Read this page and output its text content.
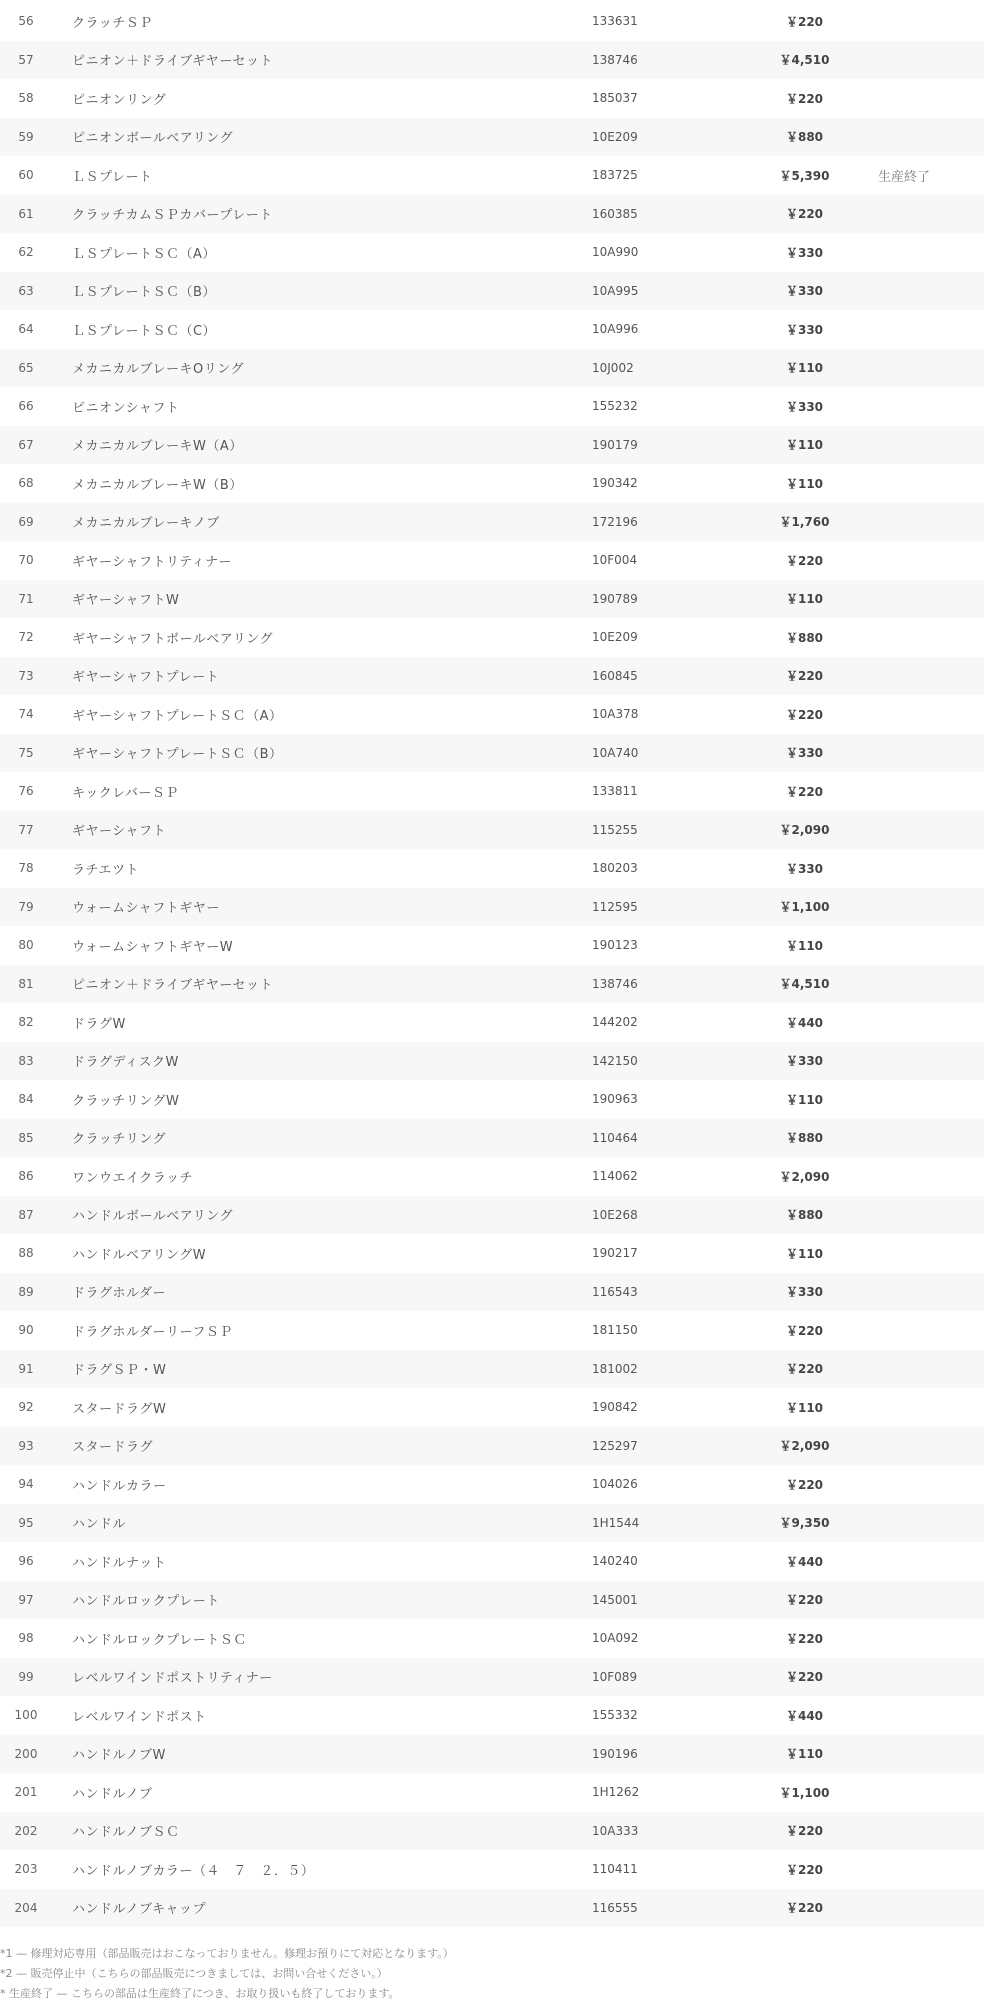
56	クラッチＳＰ	133631	￥220	
57	ピニオン＋ドライブギヤーセット	138746	￥4,510	
58	ピニオンリング	185037	￥220	
59	ピニオンボールベアリング	10E209	￥880	
60	ＬＳプレート	183725	￥5,390	生産終了
61	クラッチカムＳＰカバープレート	160385	￥220	
62	ＬＳプレートＳＣ（A）	10A990	￥330	
63	ＬＳプレートＳＣ（B）	10A995	￥330	
64	ＬＳプレートＳＣ（C）	10A996	￥330	
65	メカニカルブレーキOリング	10J002	￥110	
66	ピニオンシャフト	155232	￥330	
67	メカニカルブレーキW（A）	190179	￥110	
68	メカニカルブレーキW（B）	190342	￥110	
69	メカニカルブレーキノブ	172196	￥1,760	
70	ギヤーシャフトリティナー	10F004	￥220	
71	ギヤーシャフトW	190789	￥110	
72	ギヤーシャフトボールベアリング	10E209	￥880	
73	ギヤーシャフトプレート	160845	￥220	
74	ギヤーシャフトプレートＳＣ（A）	10A378	￥220	
75	ギヤーシャフトプレートＳＣ（B）	10A740	￥330	
76	キックレバーＳＰ	133811	￥220	
77	ギヤーシャフト	115255	￥2,090	
78	ラチエツト	180203	￥330	
79	ウォームシャフトギヤー	112595	￥1,100	
80	ウォームシャフトギヤーW	190123	￥110	
81	ピニオン＋ドライブギヤーセット	138746	￥4,510	
82	ドラグW	144202	￥440	
83	ドラグディスクW	142150	￥330	
84	クラッチリングW	190963	￥110	
85	クラッチリング	110464	￥880	
86	ワンウエイクラッチ	114062	￥2,090	
87	ハンドルボールベアリング	10E268	￥880	
88	ハンドルベアリングW	190217	￥110	
89	ドラグホルダー	116543	￥330	
90	ドラグホルダーリーフＳＰ	181150	￥220	
91	ドラグＳＰ・W	181002	￥220	
92	スタードラグW	190842	￥110	
93	スタードラグ	125297	￥2,090	
94	ハンドルカラー	104026	￥220	
95	ハンドル	1H1544	￥9,350	
96	ハンドルナット	140240	￥440	
97	ハンドルロックプレート	145001	￥220	
98	ハンドルロックプレートＳＣ	10A092	￥220	
99	レベルワインドポストリティナー	10F089	￥220	
100	レベルワインドポスト	155332	￥440	
200	ハンドルノブW	190196	￥110	
201	ハンドルノブ	1H1262	￥1,100	
202	ハンドルノブＳＣ	10A333	￥220	
203	ハンドルノブカラー（４　７　２．５）	110411	￥220	
204	ハンドルノブキャップ	116555	￥220	
*1 — 修理対応専用（部品販売はおこなっておりません。修理お預りにて対応となります。）
*2 — 販売停止中（こちらの部品販売につきましては、お問い合せください。）
* 生産終了 — こちらの部品は生産終了につき、お取り扱いも終了しております。
